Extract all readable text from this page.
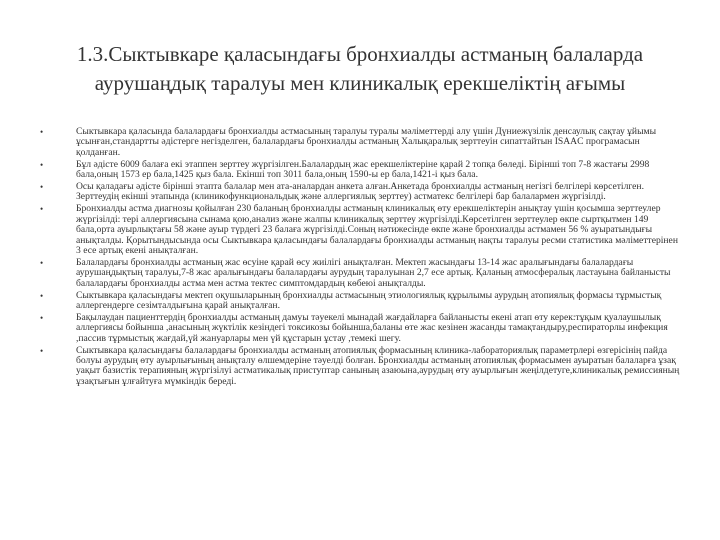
1.3.Сыктывкаре қаласындағы бронхиалды астманың балаларда аурушаңдық таралуы мен клиникалық ерекшеліктің ағымы
•	Сыктывкара қаласында балалардағы бронхиалды астмасының таралуы туралы мәліметтерді алу үшін Дүниежүзілік денсаулық сақтау ұйымы ұсынған,стандартты әдістерге негізделген, балалардағы бронхиалды астманың Халықаралық зерттеуін сипаттайтын ISAAC програмасын қолданған.
•	Бұл әдісте 6009 балаға екі этаппен зерттеу жүргізілген.Балалардың жас ерекшеліктеріне қарай 2 топқа бөледі. Бірінші топ 7-8 жастағы 2998 бала,оның 1573 ер бала,1425 қыз бала. Екінші топ 3011 бала,оның 1590-ы ер бала,1421-і қыз бала.
•	Осы қаладағы әдісте бірінші этапта балалар мен ата-аналардан анкета алған.Анкетада бронхиалды астманың негізгі белгілері көрсетілген. Зерттеудің екінші этапында (клиникофункциональдық және аллергиялық зерттеу) астматекс белгілері бар балалармен жүргізілді.
•	Бронхиалды астма диагнозы қойылған 230 баланың бронхиалды астманың клиникалық өту ерекшеліктерін анықтау үшін қосымша зерттеулер жүргізілді: тері аллергиясына сынама қою,анализ және жалпы клиникалық зерттеу жүргізілді.Көрсетілген зерттеулер өкпе сыртқытмен 149 бала,орта ауырлықтағы 58 және ауыр түрдегі 23 балаға жүргізілді.Соның нәтижесінде өкпе және бронхиалды астмамен 56 % ауыратындығы анықталды. Қорытындысында осы Сыктывкара қаласындағы балалардағы бронхиалды астманың нақты таралуы ресми статистика мәліметтерінен 3 есе артық екені анықталған.
•	Балалардағы бронхиалды астманың жас өсуіне қарай өсу жиілігі анықталған. Мектеп жасындағы 13-14 жас аралығындағы балалардағы аурушаңдықтың таралуы,7-8 жас аралығындағы балалардағы аурудың таралуынан 2,7 есе артық. Қаланың атмосфералық ластауына байланысты балалардағы бронхиалды астма мен астма тектес симптомдардың көбеюі анықталды.
•	Сыктывкара қаласындағы мектеп оқушыларының бронхиалды астмасының этиологиялық құрылымы аурудың атопиялық формасы тұрмыстық аллергендерге сезімталдығына қарай анықталған.
•	Бақылаудан пациенттердің бронхиалды астманың дамуы тәуекелі мынадай жағдайларға байланысты екені атап өту керек:тұқым қуалаушылық аллергиясы бойынша ,анасының жүктілік кезіндегі токсикозы бойынша,баланы өте жас кезінен жасанды тамақтандыру,респираторлы инфекция ,пассив тұрмыстық жағдай,үй жануарлары мен үй құстарын ұстау ,темекі шегу.
•	Сыктывкара қаласындағы балалардағы бронхиалды астманың атопиялық формасының клиника-лабораториялық параметрлері өзгерісінің пайда болуы аурудың өту ауырлығының анықталу өлшемдеріне тәуелді болған. Бронхиалды астманың атопиялық формасымен ауыратын балаларға ұзақ уақыт базистік терапияның жүргізілуі астматикалық приступтар санының азаюына,аурудың өту ауырлығын жеңілдетуге,клиникалық ремиссияның ұзақтығын ұлғайтуға мүмкіндік береді.
